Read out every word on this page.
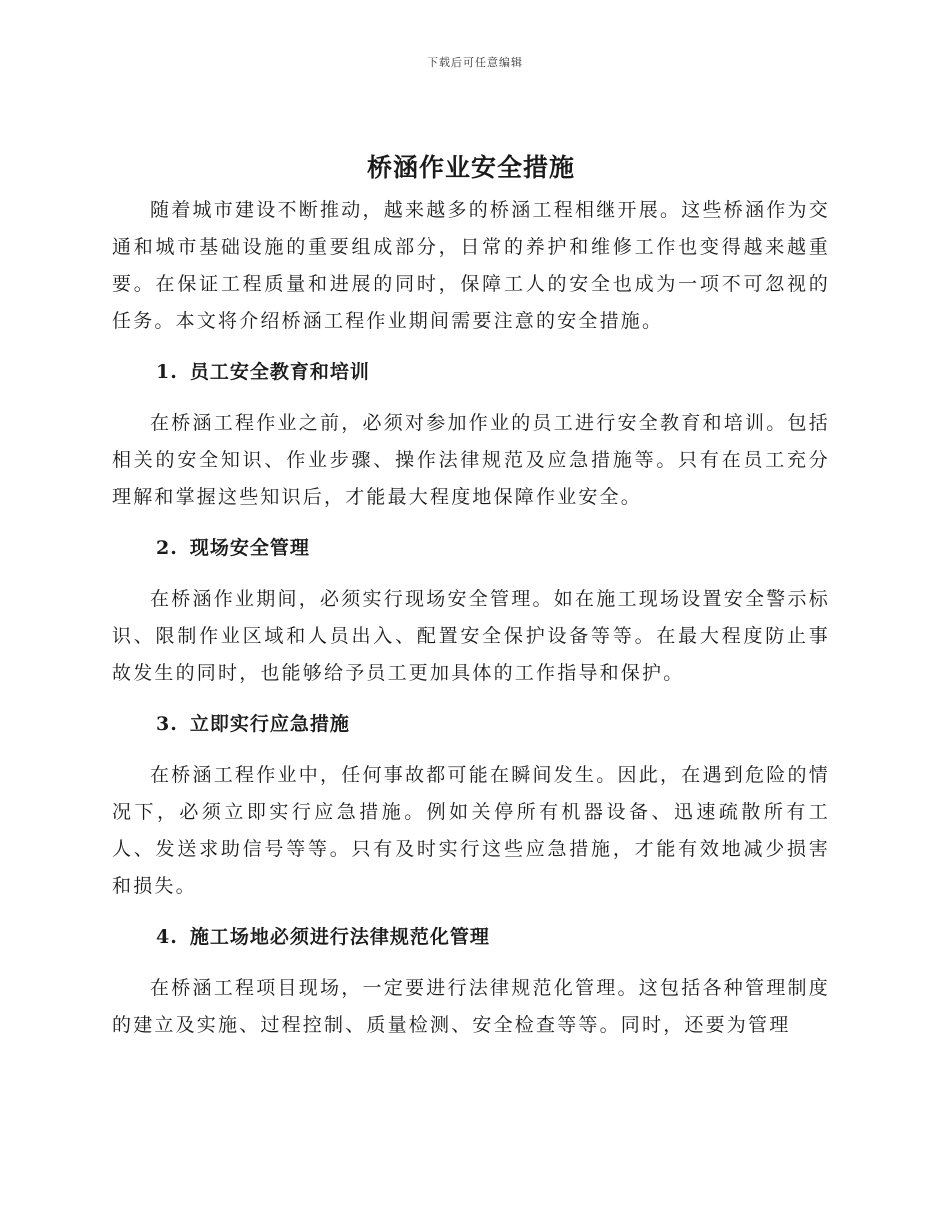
下载后可任意编辑
桥涵作业安全措施

随着城市建设不断推动，越来越多的桥涵工程相继开展。这些桥涵作为交通和城市基础设施的重要组成部分，日常的养护和维修工作也变得越来越重要。在保证工程质量和进展的同时，保障工人的安全也成为一项不可忽视的任务。本文将介绍桥涵工程作业期间需要注意的安全措施。

1. 员工安全教育和培训

在桥涵工程作业之前，必须对参加作业的员工进行安全教育和培训。包括相关的安全知识、作业步骤、操作法律规范及应急措施等。只有在员工充分理解和掌握这些知识后，才能最大程度地保障作业安全。

2. 现场安全管理

在桥涵作业期间，必须实行现场安全管理。如在施工现场设置安全警示标识、限制作业区域和人员出入、配置安全保护设备等等。在最大程度防止事故发生的同时，也能够给予员工更加具体的工作指导和保护。

3. 立即实行应急措施

在桥涵工程作业中，任何事故都可能在瞬间发生。因此，在遇到危险的情况下，必须立即实行应急措施。例如关停所有机器设备、迅速疏散所有工人、发送求助信号等等。只有及时实行这些应急措施，才能有效地减少损害和损失。

4. 施工场地必须进行法律规范化管理

在桥涵工程项目现场，一定要进行法律规范化管理。这包括各种管理制度的建立及实施、过程控制、质量检测、安全检查等等。同时，还要为管理
